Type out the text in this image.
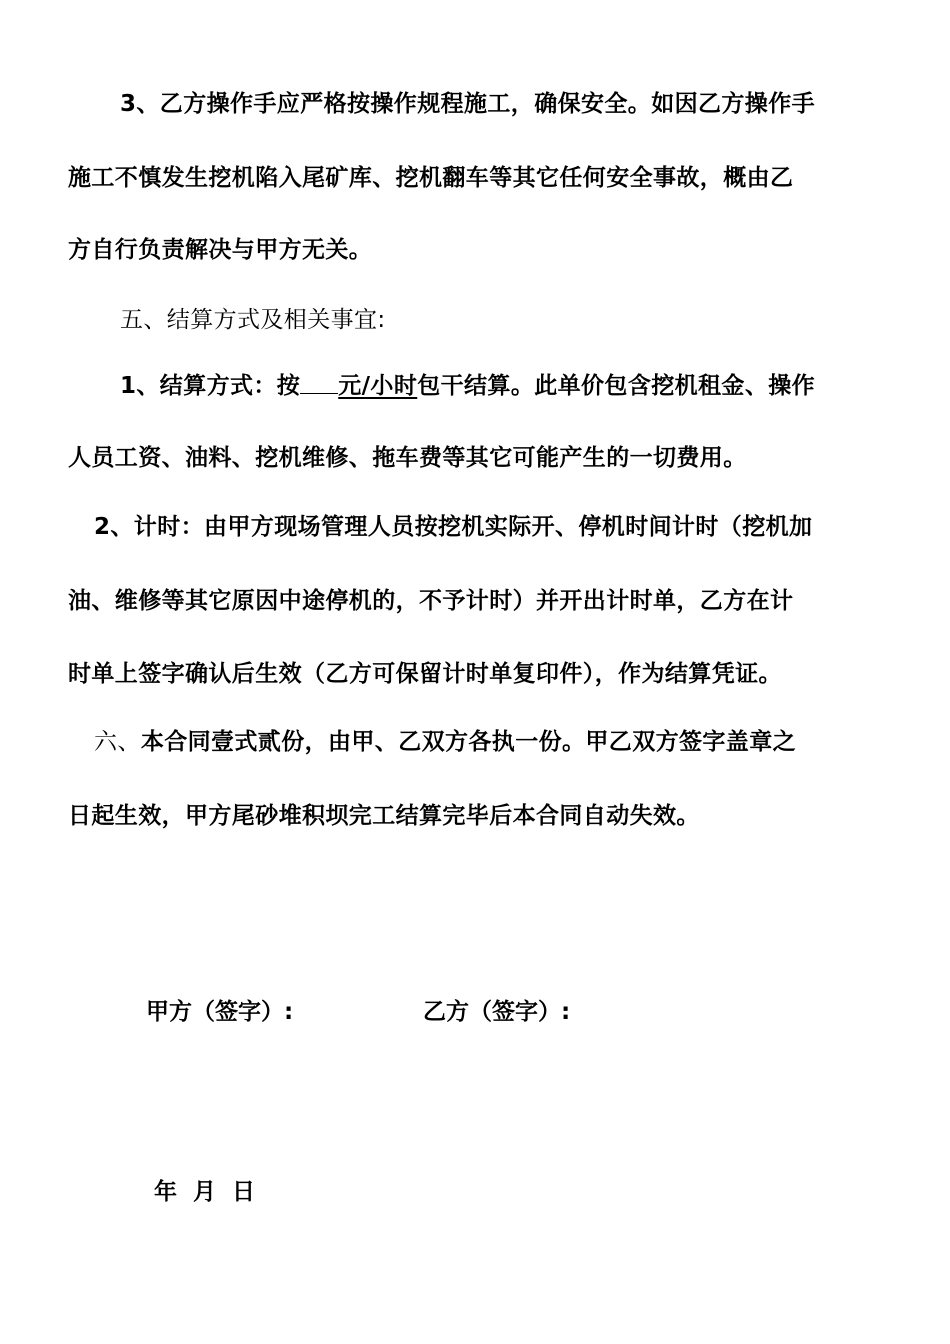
3、乙方操作手应严格按操作规程施工，确保安全。如因乙方操作手
施工不慎发生挖机陷入尾矿库、挖机翻车等其它任何安全事故，概由乙
方自行负责解决与甲方无关。
五、结算方式及相关事宜:
1、结算方式：按 元/小时包干结算。此单价包含挖机租金、操作
人员工资、油料、挖机维修、拖车费等其它可能产生的一切费用。
2、计时：由甲方现场管理人员按挖机实际开、停机时间计时（挖机加
油、维修等其它原因中途停机的，不予计时）并开出计时单，乙方在计
时单上签字确认后生效（乙方可保留计时单复印件），作为结算凭证。
六、本合同壹式贰份，由甲、乙双方各执一份。甲乙双方签字盖章之
日起生效，甲方尾砂堆积坝完工结算完毕后本合同自动失效。
甲方（签字）:	乙方（签字）:
年  月  日
